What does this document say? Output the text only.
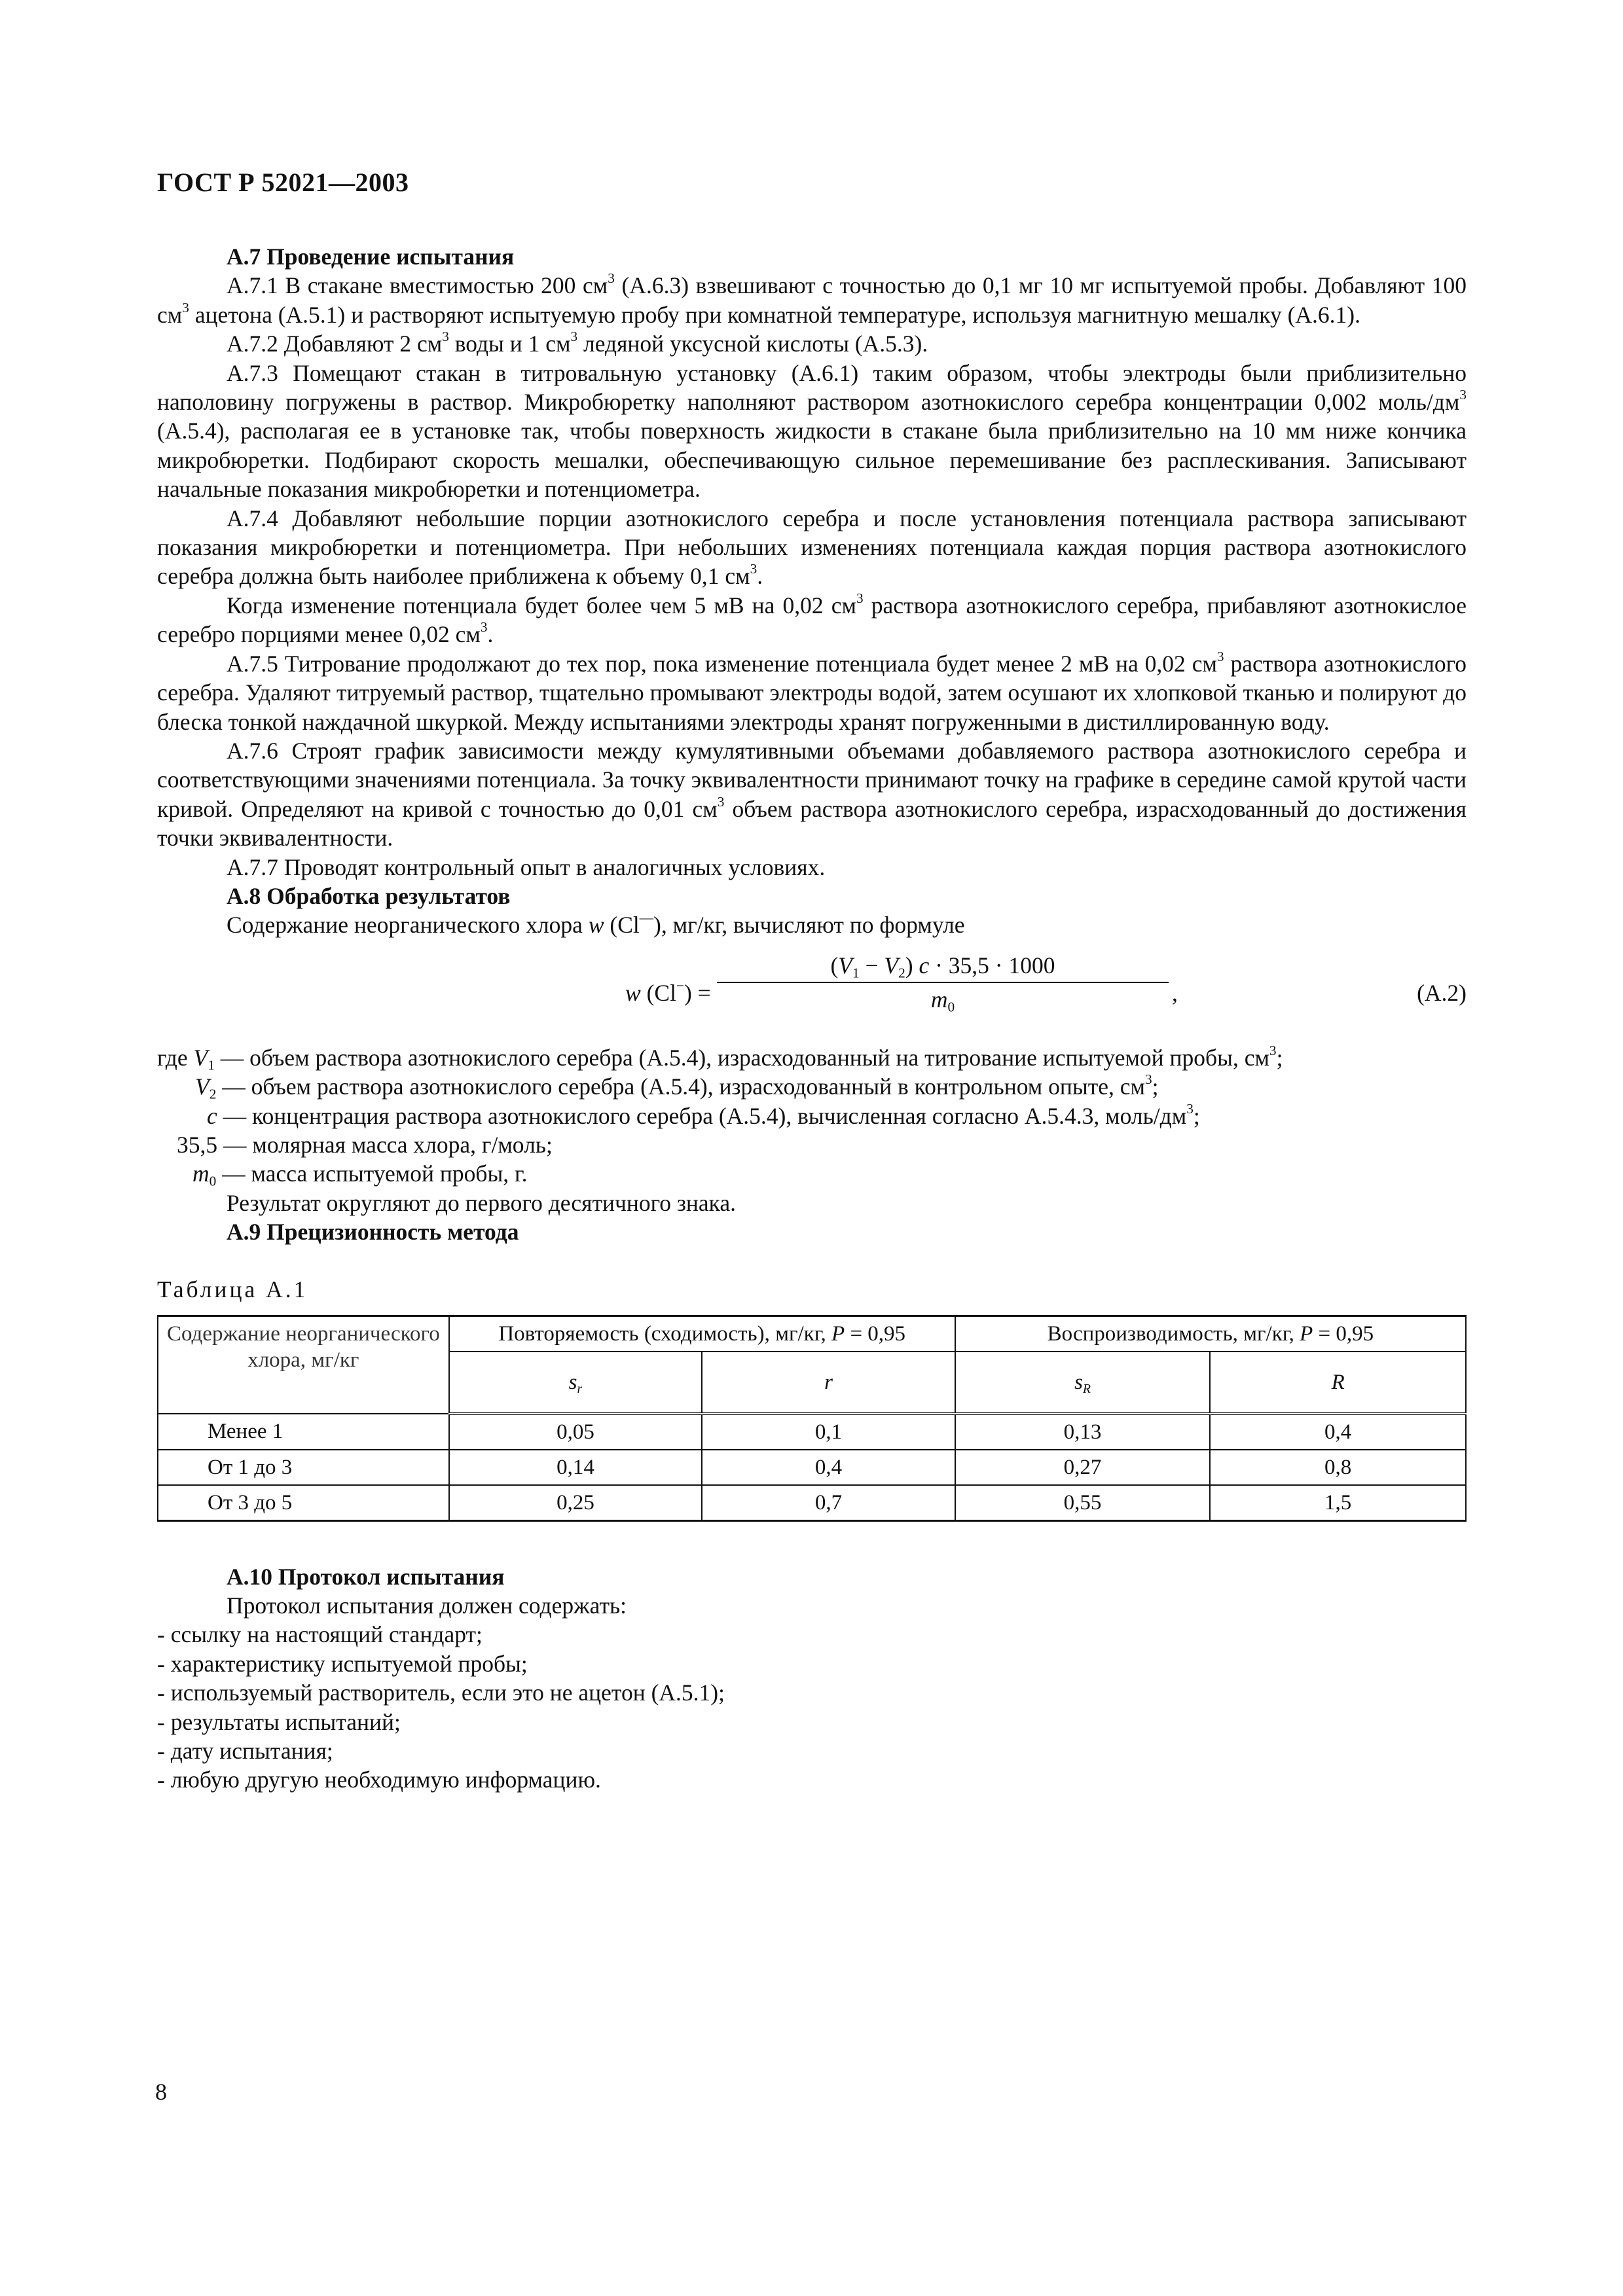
ГОСТ Р 52021—2003

А.7 Проведение испытания

А.7.1 В стакане вместимостью 200 $см^3$ (А.6.3) взвешивают с точностью до 0,1 мг 10 мг испытуемой пробы. Добавляют 100 $см^3$ ацетона (А.5.1) и растворяют испытуемую пробу при комнатной температуре, используя магнитную мешалку (А.6.1).

А.7.2 Добавляют 2 $см^3$ воды и 1 $см^3$ ледяной уксусной кислоты (А.5.3).

А.7.3 Помещают стакан в титровальную установку (А.6.1) таким образом, чтобы электроды были приблизительно наполовину погружены в раствор. Микробюретку наполняют раствором азотнокислого серебра концентрации 0,002 моль/$дм^3$ (А.5.4), располагая ее в установке так, чтобы поверхность жидкости в стакане была приблизительно на 10 мм ниже кончика микробюретки. Подбирают скорость мешалки, обеспечивающую сильное перемешивание без расплескивания. Записывают начальные показания микробюретки и потенциометра.

А.7.4 Добавляют небольшие порции азотнокислого серебра и после установления потенциала раствора записывают показания микробюретки и потенциометра. При небольших изменениях потенциала каждая порция раствора азотнокислого серебра должна быть наиболее приближена к объему 0,1 $см^3$.

Когда изменение потенциала будет более чем 5 мВ на 0,02 $см^3$ раствора азотнокислого серебра, прибавляют азотнокислое серебро порциями менее 0,02 $см^3$.

А.7.5 Титрование продолжают до тех пор, пока изменение потенциала будет менее 2 мВ на 0,02 $см^3$ раствора азотнокислого серебра. Удаляют титруемый раствор, тщательно промывают электроды водой, затем осушают их хлопковой тканью и полируют до блеска тонкой наждачной шкуркой. Между испытаниями электроды хранят погруженными в дистиллированную воду.

А.7.6 Строят график зависимости между кумулятивными объемами добавляемого раствора азотнокислого серебра и соответствующими значениями потенциала. За точку эквивалентности принимают точку на графике в середине самой крутой части кривой. Определяют на кривой с точностью до 0,01 $см^3$ объем раствора азотнокислого серебра, израсходованный до достижения точки эквивалентности.

А.7.7 Проводят контрольный опыт в аналогичных условиях.

А.8 Обработка результатов

Содержание неорганического хлора w (Cl—), мг/кг, вычисляют по формуле

w $(Cl^-) = \frac{(V_1 - V_2) c \cdot 35,5 \cdot 1000}{m_0}$ ,	(А.2)
где $V_1$ — объем раствора азотнокислого серебра (А.5.4), израсходованный на титрование испытуемой пробы, $см^3$;
$V_2$ — объем раствора азотнокислого серебра (А.5.4), израсходованный в контрольном опыте, $см^3$;
c — концентрация раствора азотнокислого серебра (А.5.4), вычисленная согласно А.5.4.3, моль/$дм^3$;
35,5 — молярная масса хлора, г/моль;
$m_0$ — масса испытуемой пробы, г.

Результат округляют до первого десятичного знака.

А.9 Прецизионность метода

Таблица А.1
Содержание неорганического хлора, мг/кг	Повторяемость (сходимость), мг/кг, P = 0,95		Воспроизводимость, мг/кг, P = 0,95	
	$s_r$	r	$s_R$	R
Менее 1	0,05	0,1	0,13	0,4
От 1 до 3	0,14	0,4	0,27	0,8
От 3 до 5	0,25	0,7	0,55	1,5

А.10 Протокол испытания

Протокол испытания должен содержать:

- ссылку на настоящий стандарт;
- характеристику испытуемой пробы;
- используемый растворитель, если это не ацетон (А.5.1);
- результаты испытаний;
- дату испытания;
- любую другую необходимую информацию.
8
